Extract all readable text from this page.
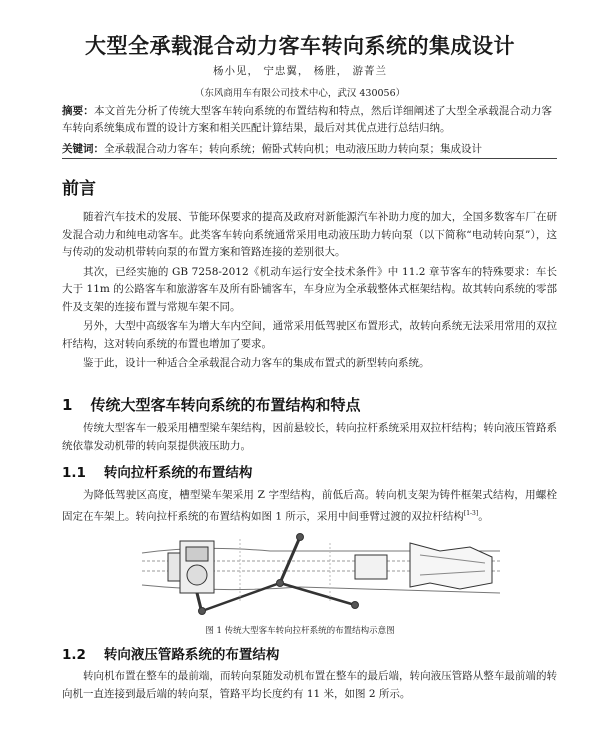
大型全承载混合动力客车转向系统的集成设计
杨小见， 宁忠翼， 杨胜， 游菁兰
（东风商用车有限公司技术中心，武汉 430056）
摘要：本文首先分析了传统大型客车转向系统的布置结构和特点，然后详细阐述了大型全承载混合动力客车转向系统集成布置的设计方案和相关匹配计算结果，最后对其优点进行总结归纳。
关键词：全承载混合动力客车；转向系统；俯卧式转向机；电动液压助力转向泵；集成设计
前言

随着汽车技术的发展、节能环保要求的提高及政府对新能源汽车补助力度的加大，全国多数客车厂在研发混合动力和纯电动客车。此类客车转向系统通常采用电动液压助力转向泵（以下简称“电动转向泵”），这与传动的发动机带转向泵的布置方案和管路连接的差别很大。

其次，已经实施的 GB 7258-2012《机动车运行安全技术条件》中 11.2 章节客车的特殊要求：车长大于 11m 的公路客车和旅游客车及所有卧铺客车，车身应为全承载整体式框架结构。故其转向系统的零部件及支架的连接布置与常规车架不同。

另外，大型中高级客车为增大车内空间，通常采用低驾驶区布置形式，故转向系统无法采用常用的双拉杆结构，这对转向系统的布置也增加了要求。

鉴于此，设计一种适合全承载混合动力客车的集成布置式的新型转向系统。

1 传统大型客车转向系统的布置结构和特点

传统大型客车一般采用槽型梁车架结构，因前悬较长，转向拉杆系统采用双拉杆结构；转向液压管路系统依靠发动机带的转向泵提供液压助力。

1.1 转向拉杆系统的布置结构

为降低驾驶区高度，槽型梁车架采用 Z 字型结构，前低后高。转向机支架为铸件框架式结构，用螺栓固定在车架上。转向拉杆系统的布置结构如图 1 所示，采用中间垂臂过渡的双拉杆结构[1-3]。

图 1 传统大型客车转向拉杆系统的布置结构示意图
1.2 转向液压管路系统的布置结构

转向机布置在整车的最前端，而转向泵随发动机布置在整车的最后端，转向液压管路从整车最前端的转向机一直连接到最后端的转向泵，管路平均长度约有 11 米，如图 2 所示。
